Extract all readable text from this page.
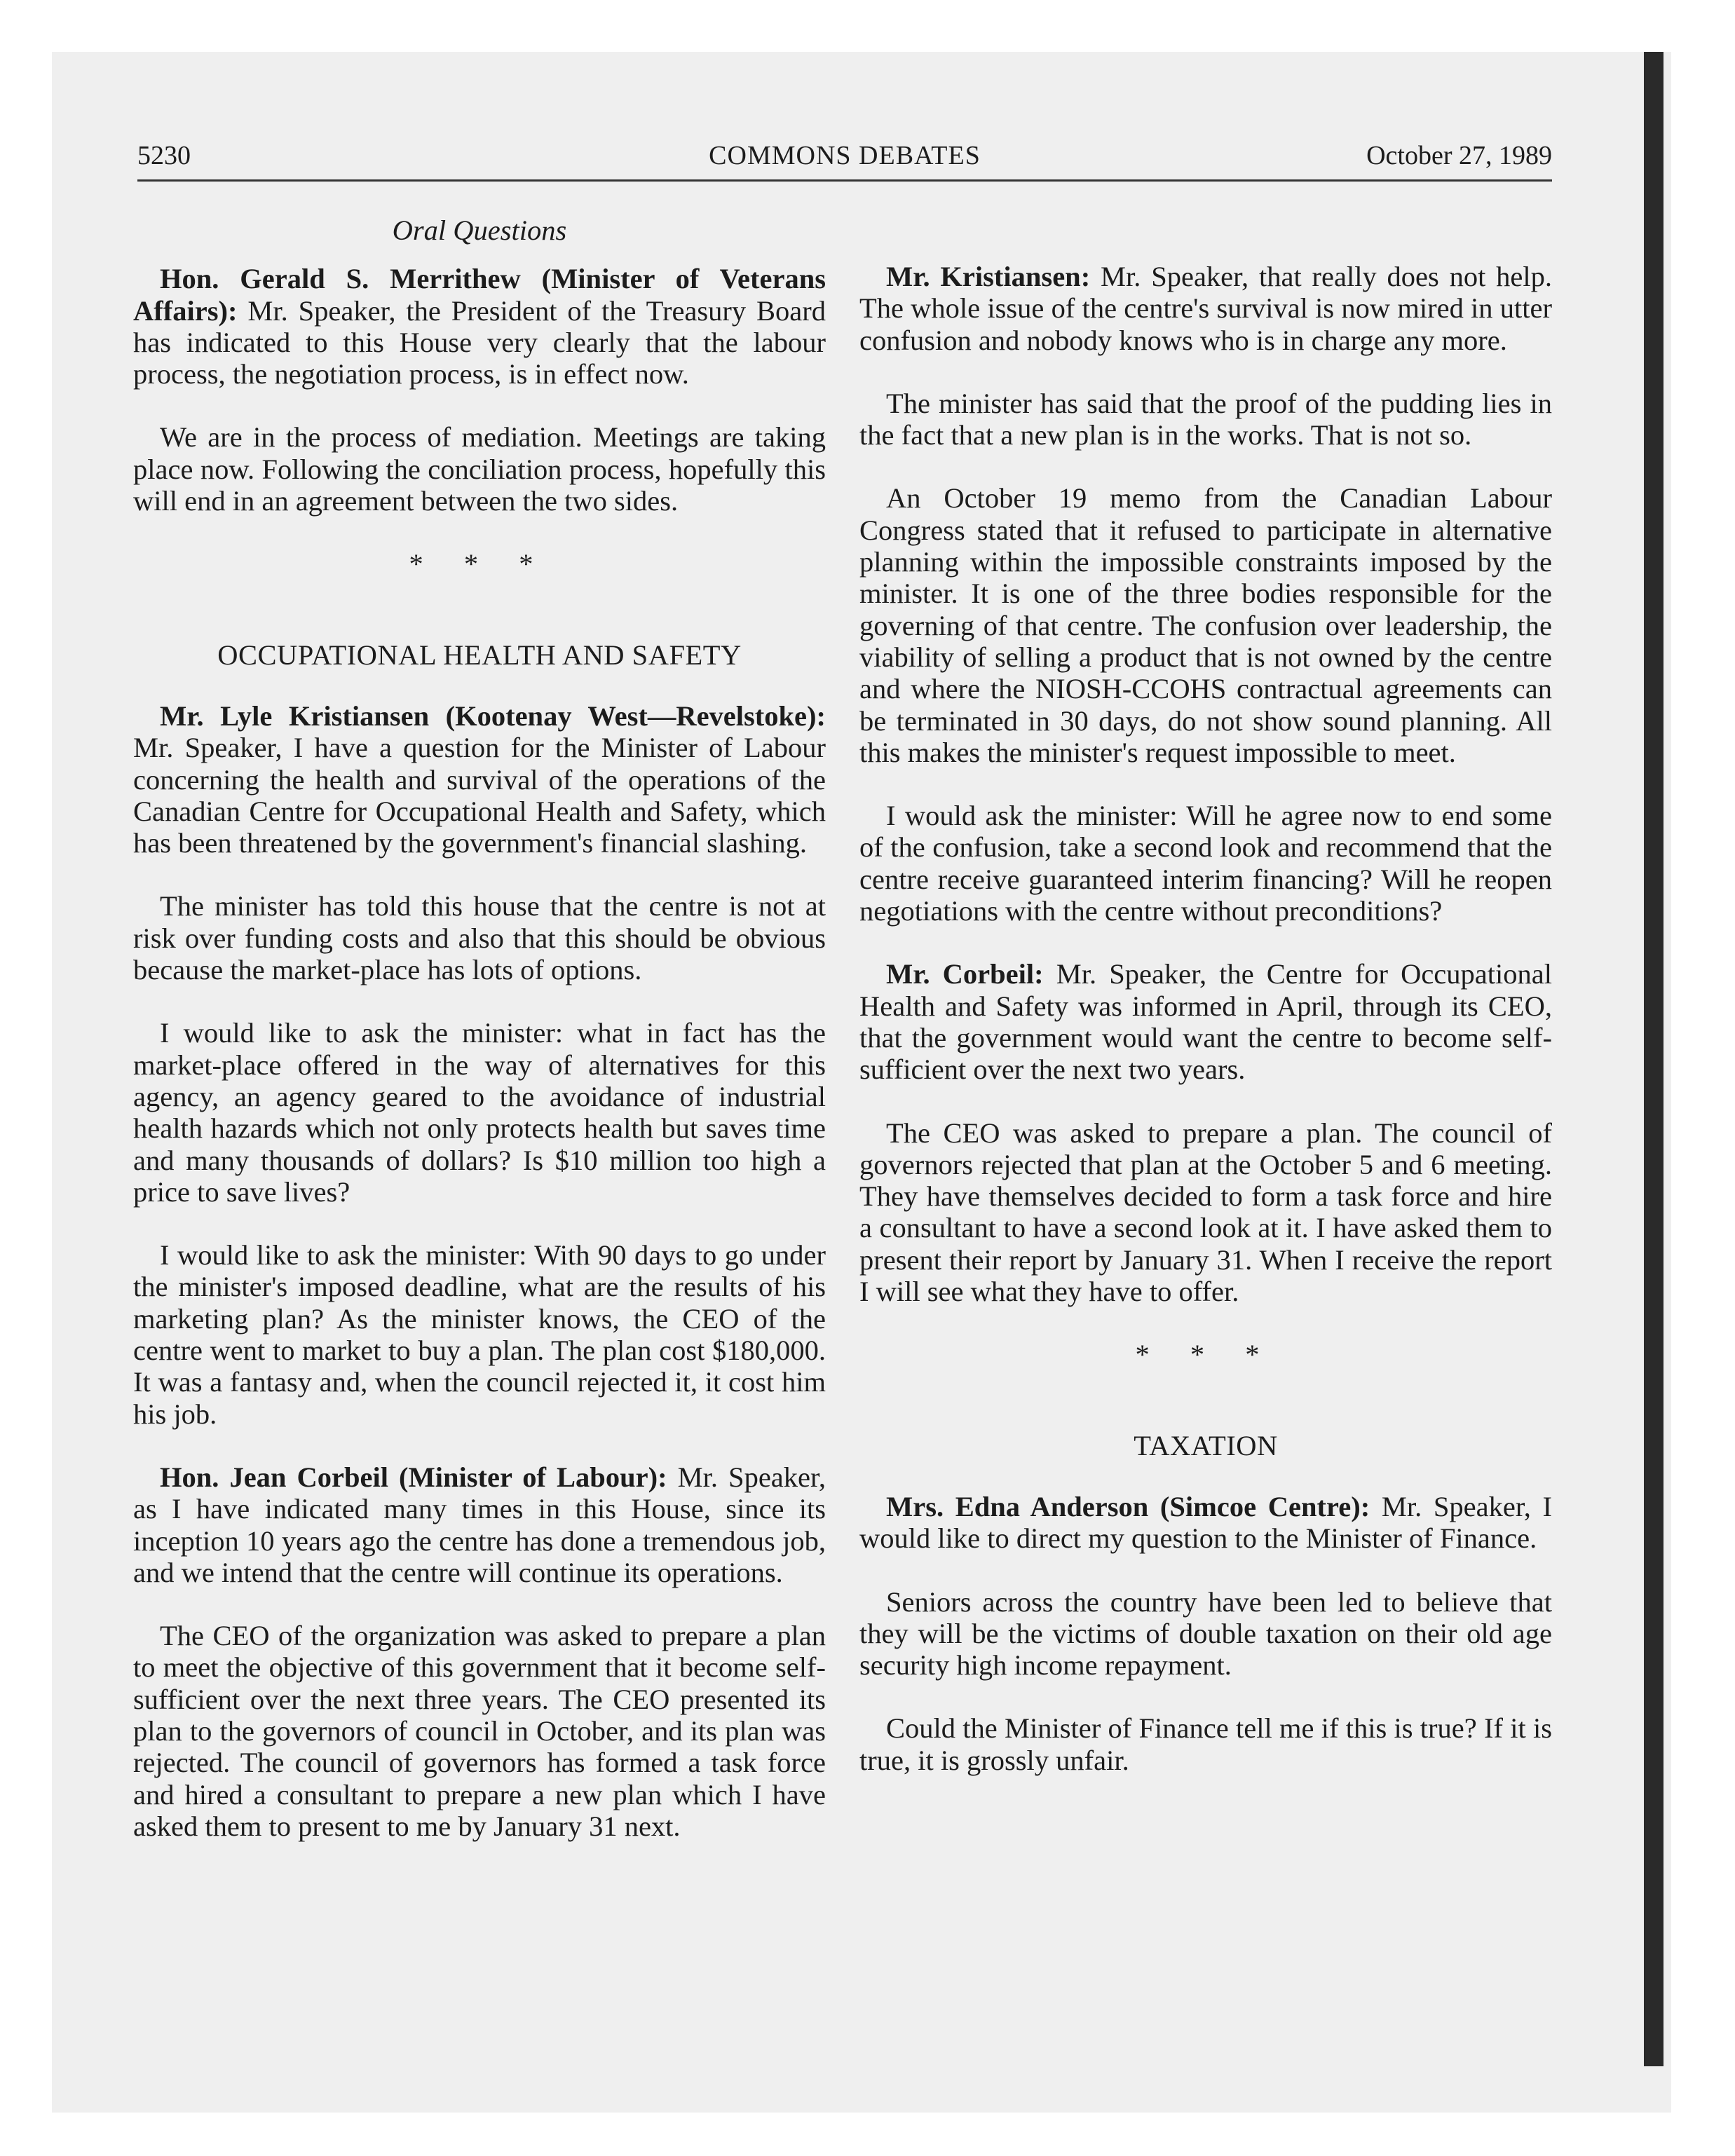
5230	COMMONS DEBATES	October 27, 1989
Oral Questions

Hon. Gerald S. Merrithew (Minister of Veterans Affairs): Mr. Speaker, the President of the Treasury Board has indicated to this House very clearly that the labour process, the negotiation process, is in effect now.

We are in the process of mediation. Meetings are taking place now. Following the conciliation process, hopefully this will end in an agreement between the two sides.

* * *
OCCUPATIONAL HEALTH AND SAFETY

Mr. Lyle Kristiansen (Kootenay West—Revelstoke): Mr. Speaker, I have a question for the Minister of Labour concerning the health and survival of the operations of the Canadian Centre for Occupational Health and Safety, which has been threatened by the government's financial slashing.

The minister has told this house that the centre is not at risk over funding costs and also that this should be obvious because the market-place has lots of options.

I would like to ask the minister: what in fact has the market-place offered in the way of alternatives for this agency, an agency geared to the avoidance of industrial health hazards which not only protects health but saves time and many thousands of dollars? Is $10 million too high a price to save lives?

I would like to ask the minister: With 90 days to go under the minister's imposed deadline, what are the results of his marketing plan? As the minister knows, the CEO of the centre went to market to buy a plan. The plan cost $180,000. It was a fantasy and, when the council rejected it, it cost him his job.

Hon. Jean Corbeil (Minister of Labour): Mr. Speaker, as I have indicated many times in this House, since its inception 10 years ago the centre has done a tremendous job, and we intend that the centre will continue its operations.

The CEO of the organization was asked to prepare a plan to meet the objective of this government that it become self-sufficient over the next three years. The CEO presented its plan to the governors of council in October, and its plan was rejected. The council of governors has formed a task force and hired a consultant to prepare a new plan which I have asked them to present to me by January 31 next.

Mr. Kristiansen: Mr. Speaker, that really does not help. The whole issue of the centre's survival is now mired in utter confusion and nobody knows who is in charge any more.

The minister has said that the proof of the pudding lies in the fact that a new plan is in the works. That is not so.

An October 19 memo from the Canadian Labour Congress stated that it refused to participate in alternative planning within the impossible constraints imposed by the minister. It is one of the three bodies responsible for the governing of that centre. The confusion over leadership, the viability of selling a product that is not owned by the centre and where the NIOSH-CCOHS contractual agreements can be terminated in 30 days, do not show sound planning. All this makes the minister's request impossible to meet.

I would ask the minister: Will he agree now to end some of the confusion, take a second look and recommend that the centre receive guaranteed interim financing? Will he reopen negotiations with the centre without preconditions?

Mr. Corbeil: Mr. Speaker, the Centre for Occupational Health and Safety was informed in April, through its CEO, that the government would want the centre to become self-sufficient over the next two years.

The CEO was asked to prepare a plan. The council of governors rejected that plan at the October 5 and 6 meeting. They have themselves decided to form a task force and hire a consultant to have a second look at it. I have asked them to present their report by January 31. When I receive the report I will see what they have to offer.

* * *
TAXATION

Mrs. Edna Anderson (Simcoe Centre): Mr. Speaker, I would like to direct my question to the Minister of Finance.

Seniors across the country have been led to believe that they will be the victims of double taxation on their old age security high income repayment.

Could the Minister of Finance tell me if this is true? If it is true, it is grossly unfair.
